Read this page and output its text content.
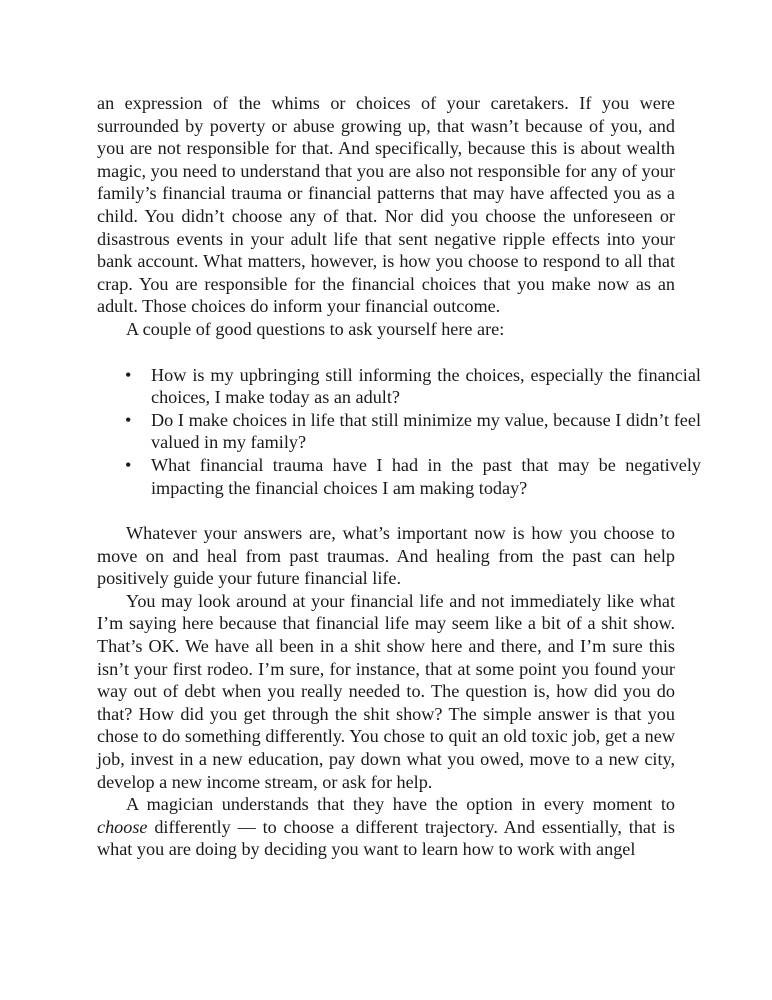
an expression of the whims or choices of your caretakers. If you were surrounded by poverty or abuse growing up, that wasn’t because of you, and you are not responsible for that. And specifically, because this is about wealth magic, you need to understand that you are also not responsible for any of your family’s financial trauma or financial patterns that may have affected you as a child. You didn’t choose any of that. Nor did you choose the unforeseen or disastrous events in your adult life that sent negative ripple effects into your bank account. What matters, however, is how you choose to respond to all that crap. You are responsible for the financial choices that you make now as an adult. Those choices do inform your financial outcome.

A couple of good questions to ask yourself here are:

• How is my upbringing still informing the choices, especially the financial choices, I make today as an adult?
• Do I make choices in life that still minimize my value, because I didn’t feel valued in my family?
• What financial trauma have I had in the past that may be negatively impacting the financial choices I am making today?

Whatever your answers are, what’s important now is how you choose to move on and heal from past traumas. And healing from the past can help positively guide your future financial life.

You may look around at your financial life and not immediately like what I’m saying here because that financial life may seem like a bit of a shit show. That’s OK. We have all been in a shit show here and there, and I’m sure this isn’t your first rodeo. I’m sure, for instance, that at some point you found your way out of debt when you really needed to. The question is, how did you do that? How did you get through the shit show? The simple answer is that you chose to do something differently. You chose to quit an old toxic job, get a new job, invest in a new education, pay down what you owed, move to a new city, develop a new income stream, or ask for help.

A magician understands that they have the option in every moment to choose differently — to choose a different trajectory. And essentially, that is what you are doing by deciding you want to learn how to work with angel
